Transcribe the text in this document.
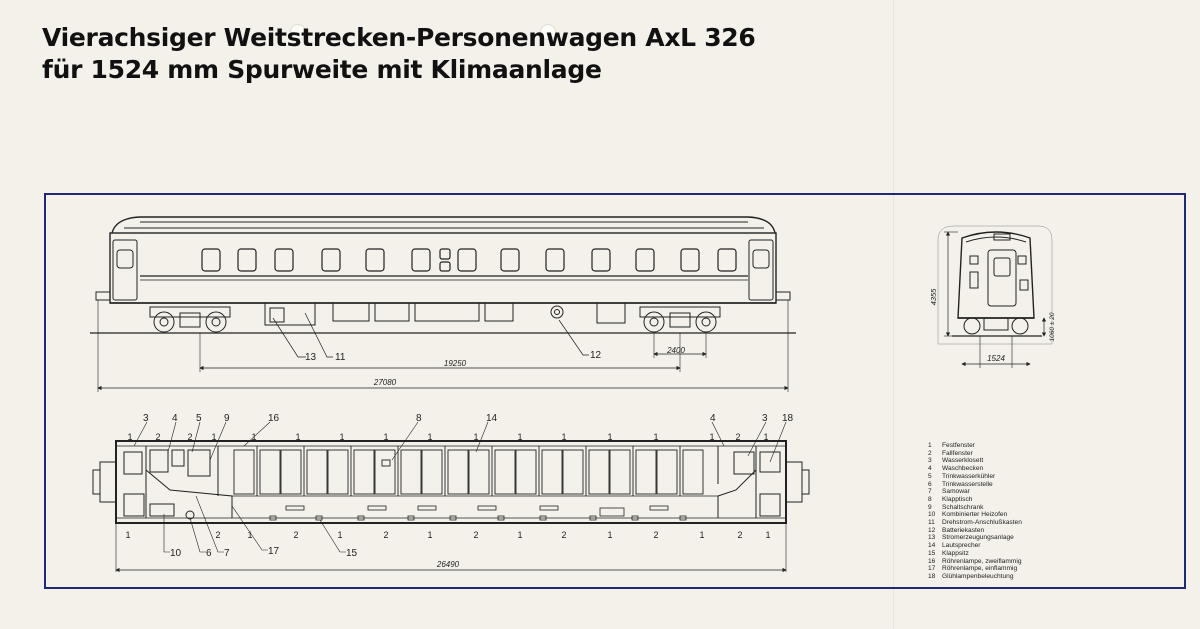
Vierachsiger Weitstrecken-Personenwagen AxL 326
für 1524 mm Spurweite mit Klimaanlage
2400
19250
27080
13 11	12
4355
1524
1060 ± 20
3 4 5 9	16	8	14	4	3 18
10 6 7	17	15
1	2	2 1	1	1	1	1	1	1	1	1	1	1	1 2	1
1	2	1	2	1	2	1	2	1	2	1	2	1	2	1
26490
1 Festfenster
2 Fallfenster
3 Wasserklosett
4 Waschbecken
5 Trinkwasserkühler
6 Trinkwasserstelle
7 Samowar
8 Klapptisch
9 Schaltschrank
10 Kombinierter Heizofen
11 Drehstrom-Anschlußkasten
12 Batteriekasten
13 Stromerzeugungsanlage
14 Lautsprecher
15 Klappsitz
16 Röhrenlampe, zweiflammig
17 Röhrenlampe, einflammig
18 Glühlampenbeleuchtung
